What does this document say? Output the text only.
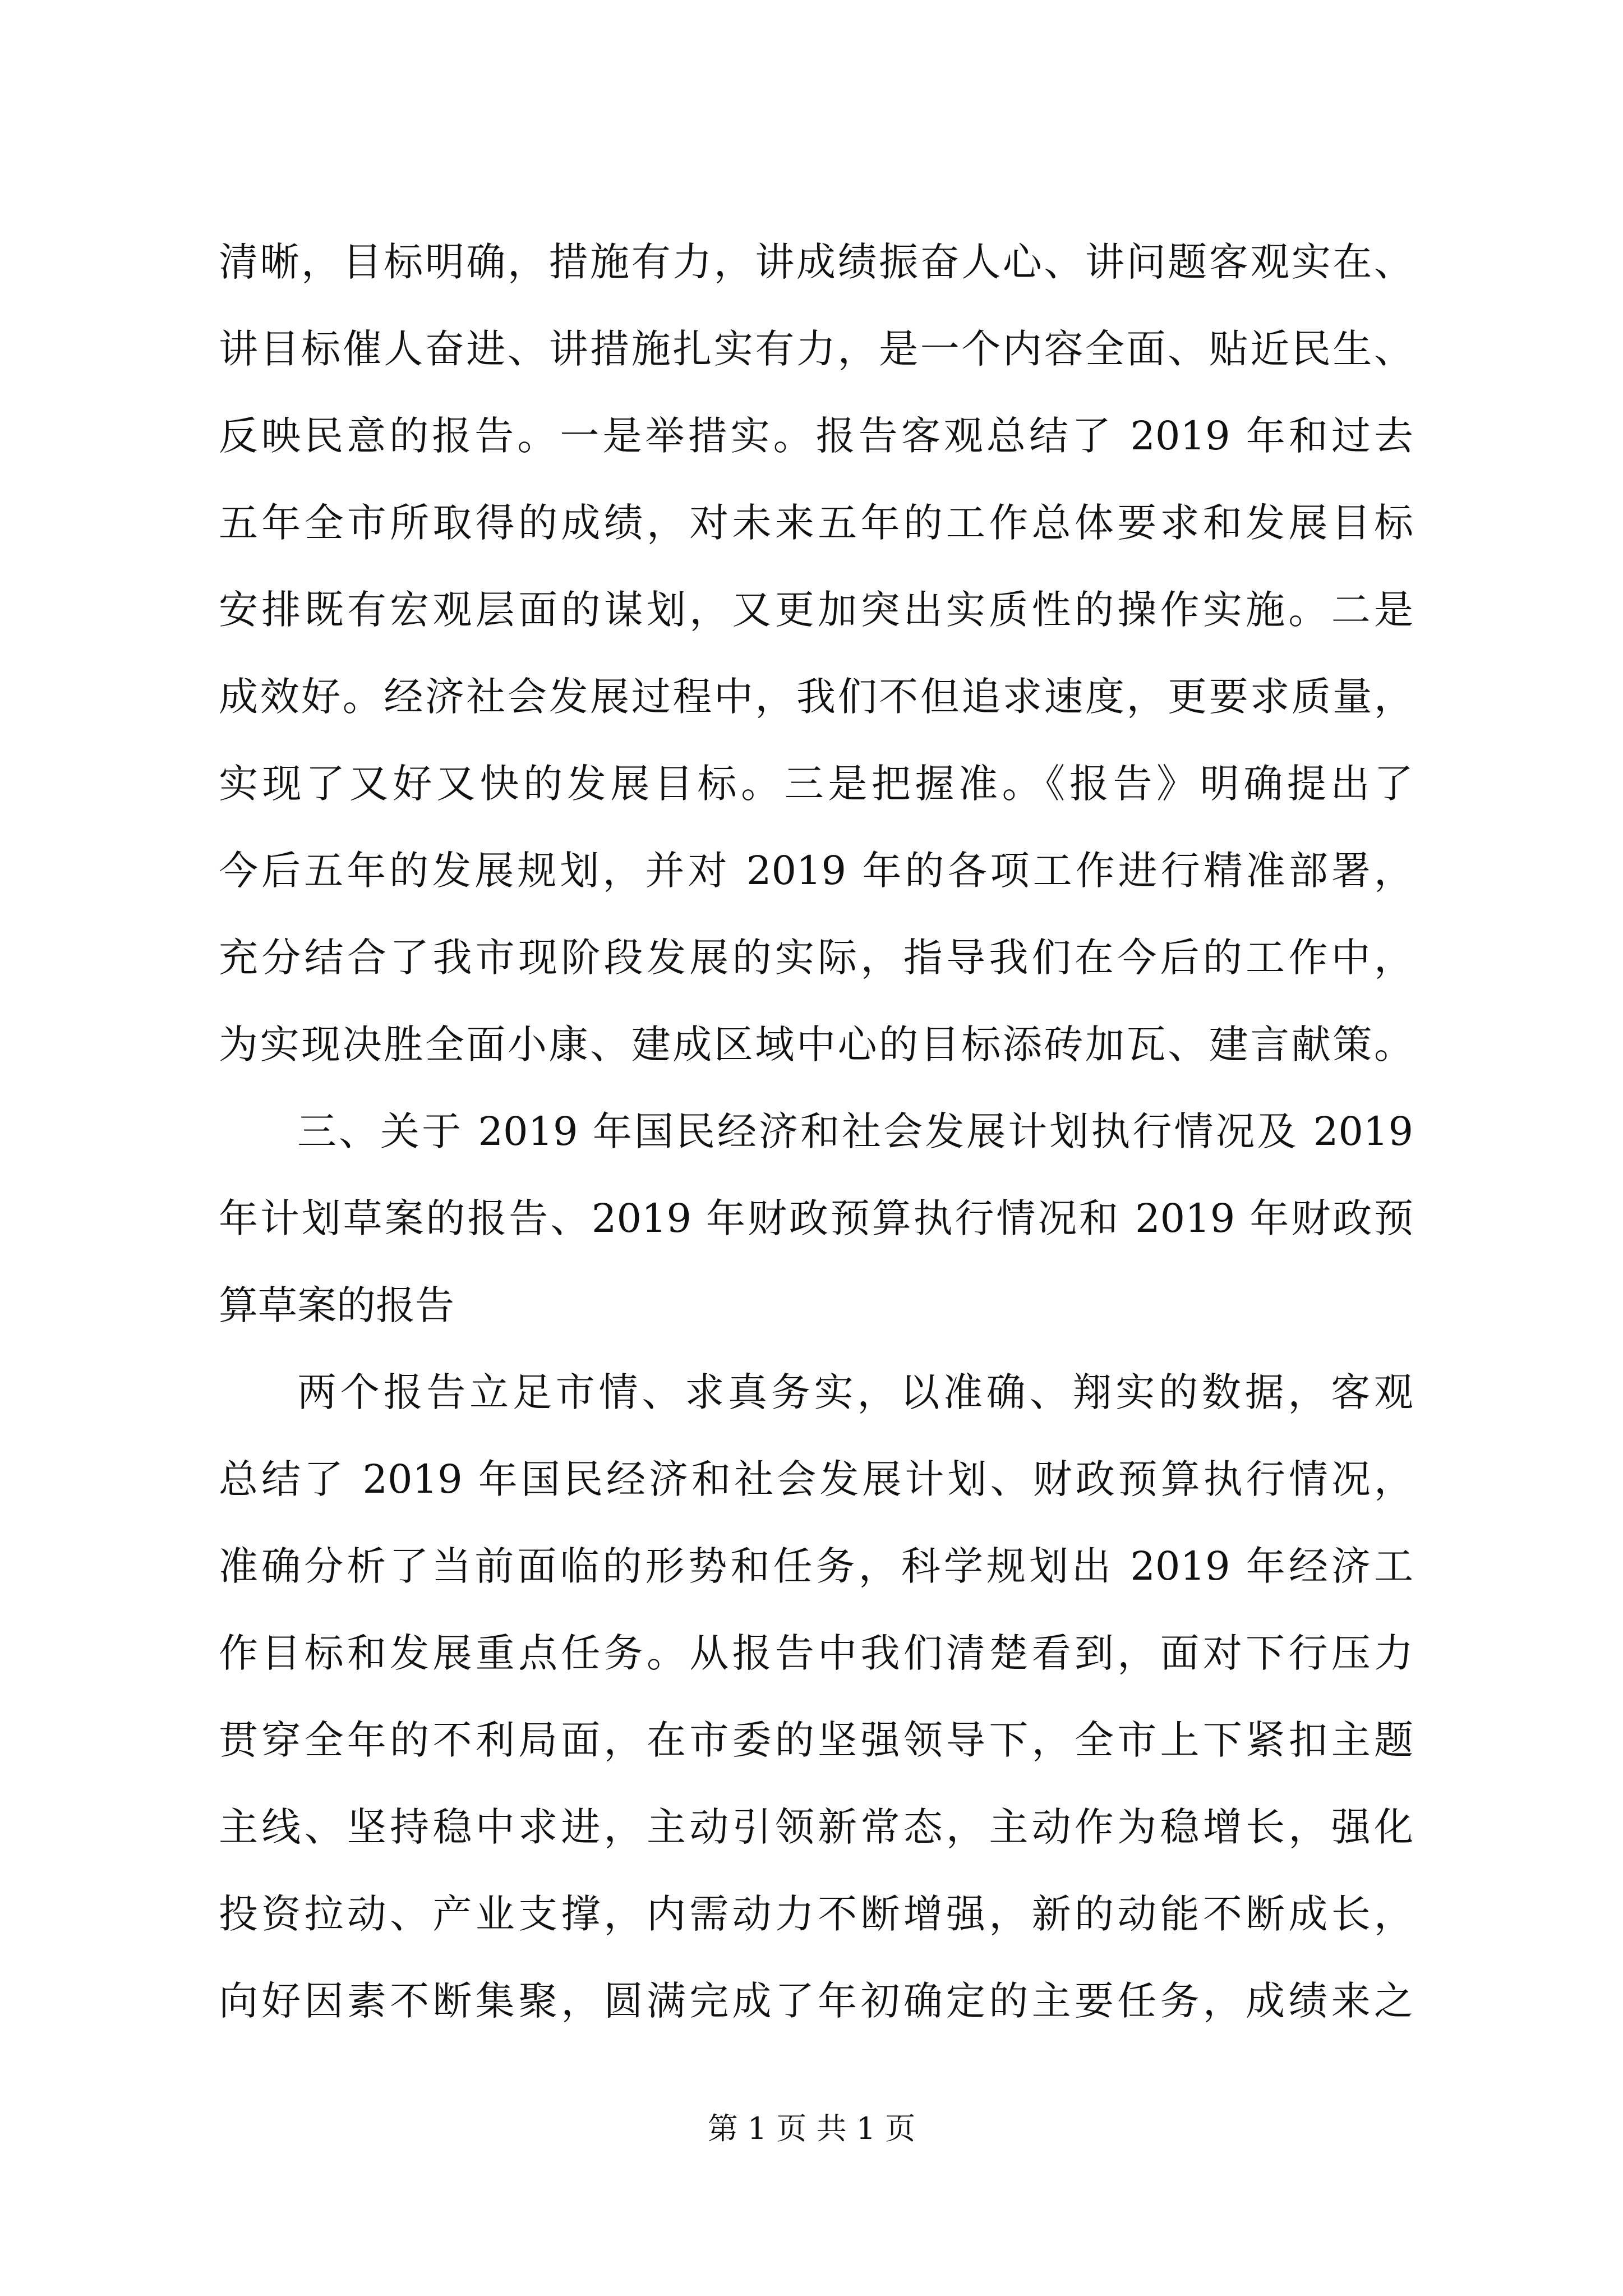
清晰，目标明确，措施有力，讲成绩振奋人心、讲问题客观实在、
讲目标催人奋进、讲措施扎实有力，是一个内容全面、贴近民生、
反映民意的报告。一是举措实。报告客观总结了 2019 年和过去
五年全市所取得的成绩，对未来五年的工作总体要求和发展目标
安排既有宏观层面的谋划，又更加突出实质性的操作实施。二是
成效好。经济社会发展过程中，我们不但追求速度，更要求质量，
实现了又好又快的发展目标。三是把握准。《报告》明确提出了
今后五年的发展规划，并对 2019 年的各项工作进行精准部署，
充分结合了我市现阶段发展的实际，指导我们在今后的工作中，
为实现决胜全面小康、建成区域中心的目标添砖加瓦、建言献策。
三、关于 2019 年国民经济和社会发展计划执行情况及 2019
年计划草案的报告、2019 年财政预算执行情况和 2019 年财政预
算草案的报告
两个报告立足市情、求真务实，以准确、翔实的数据，客观
总结了 2019 年国民经济和社会发展计划、财政预算执行情况，
准确分析了当前面临的形势和任务，科学规划出 2019 年经济工
作目标和发展重点任务。从报告中我们清楚看到，面对下行压力
贯穿全年的不利局面，在市委的坚强领导下，全市上下紧扣主题
主线、坚持稳中求进，主动引领新常态，主动作为稳增长，强化
投资拉动、产业支撑，内需动力不断增强，新的动能不断成长，
向好因素不断集聚，圆满完成了年初确定的主要任务，成绩来之
第 1 页 共 1 页
